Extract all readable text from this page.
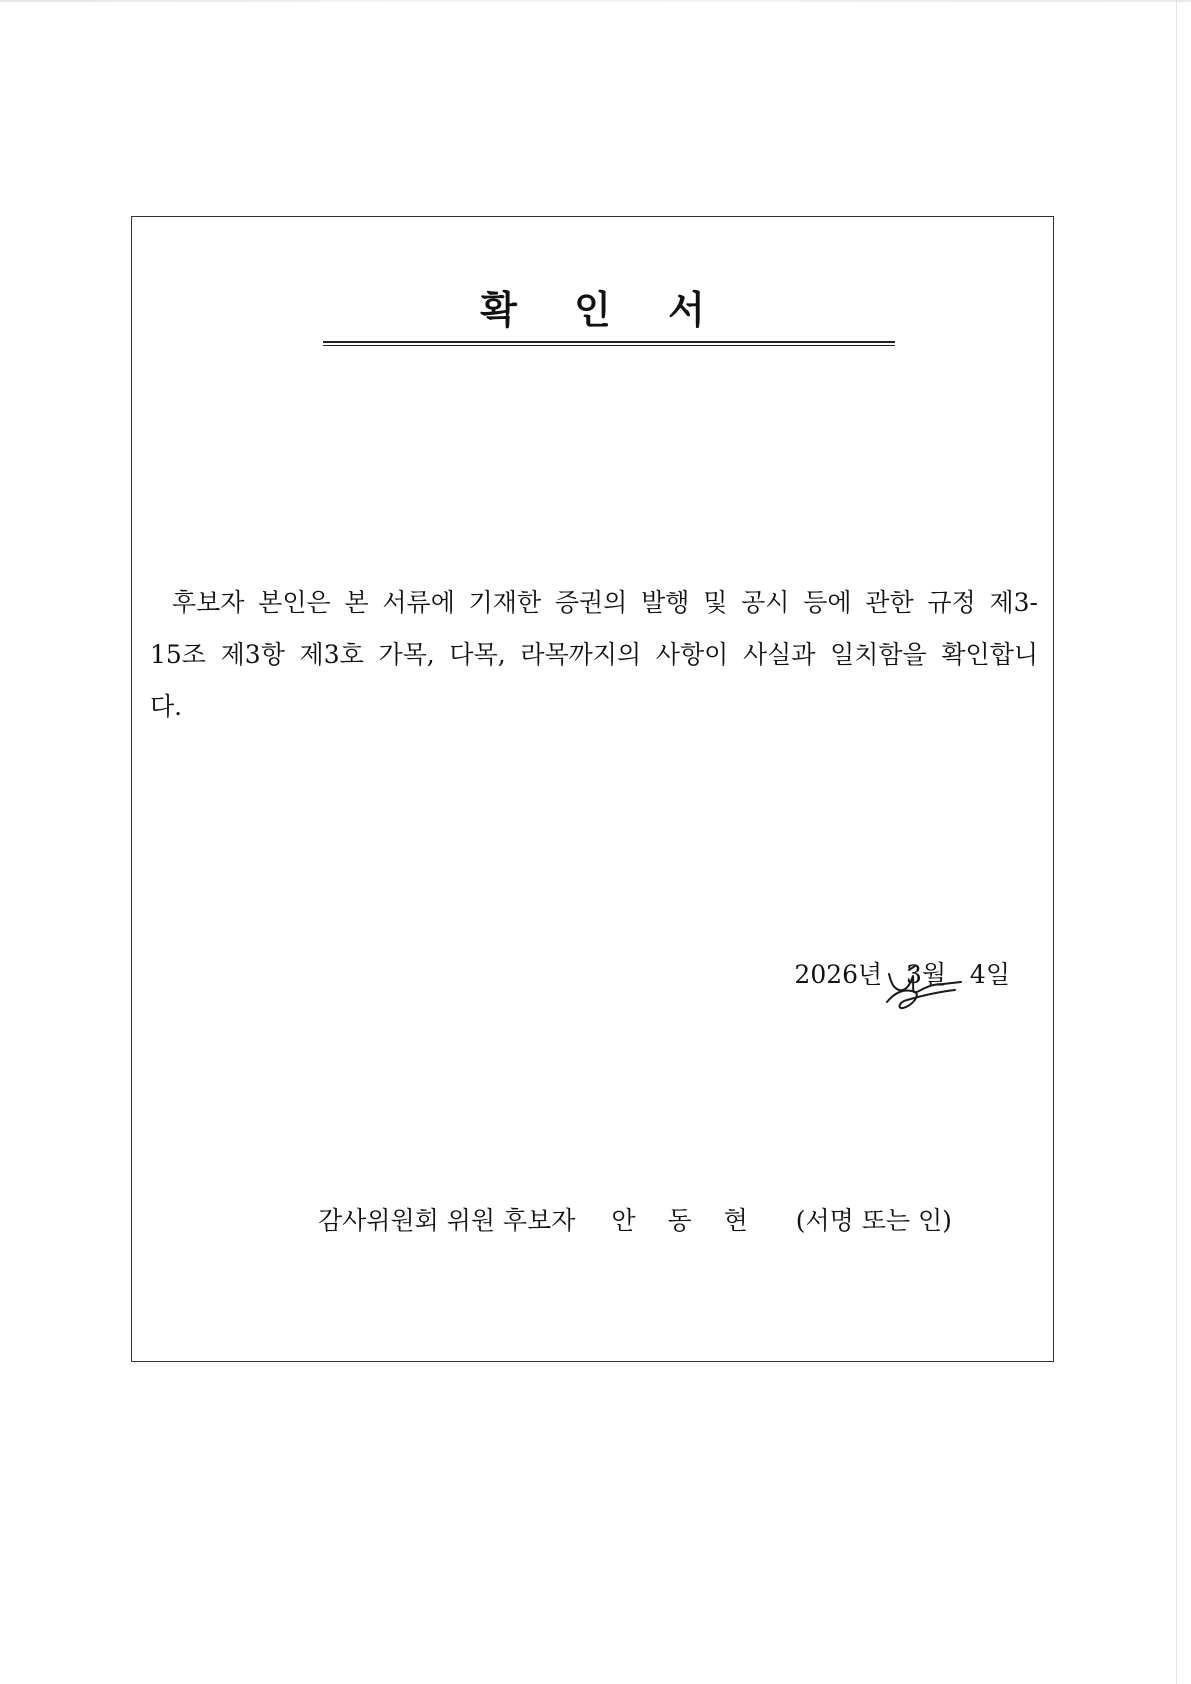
확 인 서

후보자 본인은 본 서류에 기재한 증권의 발행 및 공시 등에 관한 규정 제3-15조 제3항 제3호 가목, 다목, 라목까지의 사항이 사실과 일치함을 확인합니다.

2026년   3월   4일

감사위원회 위원 후보자 안 동 현 (서명 또는 인)
